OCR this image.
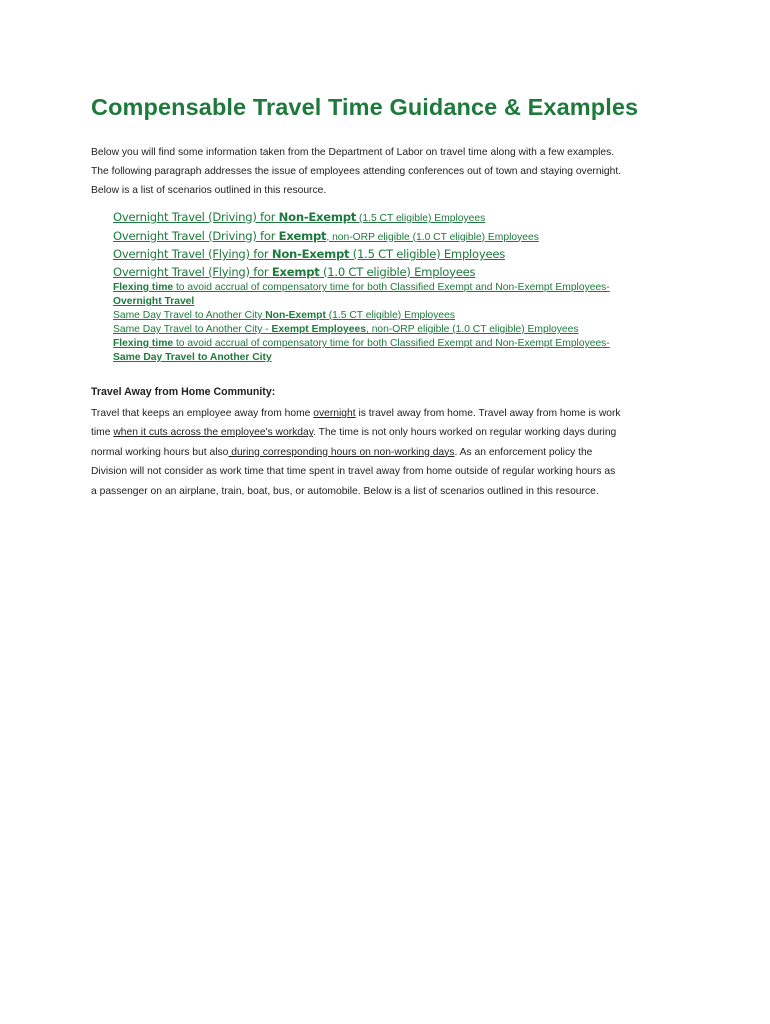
Compensable Travel Time Guidance & Examples
Below you will find some information taken from the Department of Labor on travel time along with a few examples.
The following paragraph addresses the issue of employees attending conferences out of town and staying overnight.
Below is a list of scenarios outlined in this resource.
Overnight Travel (Driving) for Non-Exempt (1.5 CT eligible) Employees
Overnight Travel (Driving) for Exempt, non-ORP eligible (1.0 CT eligible) Employees
Overnight Travel (Flying) for Non-Exempt (1.5 CT eligible) Employees
Overnight Travel (Flying) for Exempt (1.0 CT eligible) Employees
Flexing time to avoid accrual of compensatory time for both Classified Exempt and Non-Exempt Employees-
Overnight Travel
Same Day Travel to Another City Non-Exempt (1.5 CT eligible) Employees
Same Day Travel to Another City - Exempt Employees, non-ORP eligible (1.0 CT eligible) Employees
Flexing time to avoid accrual of compensatory time for both Classified Exempt and Non-Exempt Employees-
Same Day Travel to Another City
Travel Away from Home Community:
Travel that keeps an employee away from home overnight is travel away from home. Travel away from home is work
time when it cuts across the employee's workday. The time is not only hours worked on regular working days during
normal working hours but also during corresponding hours on non-working days. As an enforcement policy the
Division will not consider as work time that time spent in travel away from home outside of regular working hours as
a passenger on an airplane, train, boat, bus, or automobile. Below is a list of scenarios outlined in this resource.
